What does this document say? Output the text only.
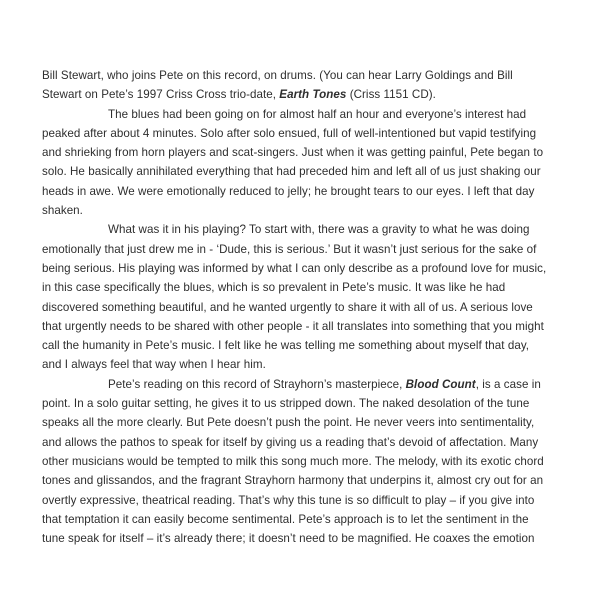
Bill Stewart, who joins Pete on this record, on drums. (You can hear Larry Goldings and Bill
Stewart on Pete’s 1997 Criss Cross trio-date, Earth Tones (Criss 1151 CD).
The blues had been going on for almost half an hour and everyone’s interest had
peaked after about 4 minutes. Solo after solo ensued, full of well-intentioned but vapid testifying
and shrieking from horn players and scat-singers. Just when it was getting painful, Pete began to
solo. He basically annihilated everything that had preceded him and left all of us just shaking our
heads in awe. We were emotionally reduced to jelly; he brought tears to our eyes. I left that day
shaken.
What was it in his playing? To start with, there was a gravity to what he was doing
emotionally that just drew me in - ‘Dude, this is serious.’ But it wasn’t just serious for the sake of
being serious. His playing was informed by what I can only describe as a profound love for music,
in this case specifically the blues, which is so prevalent in Pete’s music. It was like he had
discovered something beautiful, and he wanted urgently to share it with all of us. A serious love
that urgently needs to be shared with other people - it all translates into something that you might
call the humanity in Pete’s music. I felt like he was telling me something about myself that day,
and I always feel that way when I hear him.
Pete’s reading on this record of Strayhorn’s masterpiece, Blood Count, is a case in
point. In a solo guitar setting, he gives it to us stripped down. The naked desolation of the tune
speaks all the more clearly. But Pete doesn’t push the point. He never veers into sentimentality,
and allows the pathos to speak for itself by giving us a reading that’s devoid of affectation. Many
other musicians would be tempted to milk this song much more. The melody, with its exotic chord
tones and glissandos, and the fragrant Strayhorn harmony that underpins it, almost cry out for an
overtly expressive, theatrical reading. That’s why this tune is so difficult to play – if you give into
that temptation it can easily become sentimental. Pete’s approach is to let the sentiment in the
tune speak for itself – it’s already there; it doesn’t need to be magnified. He coaxes the emotion
